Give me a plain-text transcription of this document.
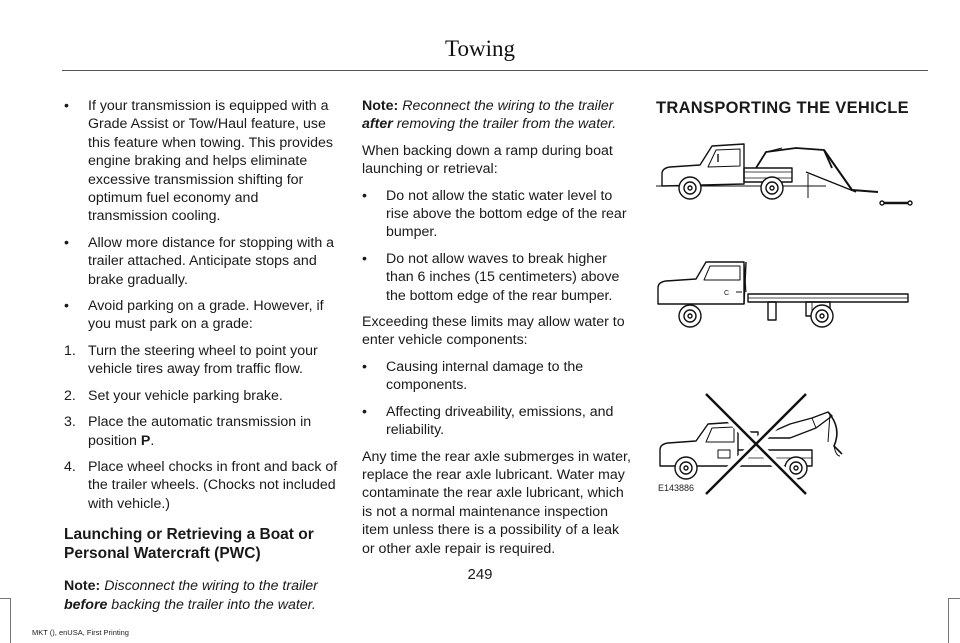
Towing
• If your transmission is equipped with a Grade Assist or Tow/Haul feature, use this feature when towing. This provides engine braking and helps eliminate excessive transmission shifting for optimum fuel economy and transmission cooling.
• Allow more distance for stopping with a trailer attached. Anticipate stops and brake gradually.
• Avoid parking on a grade. However, if you must park on a grade:
1. Turn the steering wheel to point your vehicle tires away from traffic flow.
2. Set your vehicle parking brake.
3. Place the automatic transmission in position P.
4. Place wheel chocks in front and back of the trailer wheels. (Chocks not included with vehicle.)
Launching or Retrieving a Boat or Personal Watercraft (PWC)
Note: Disconnect the wiring to the trailer before backing the trailer into the water.
Note: Reconnect the wiring to the trailer after removing the trailer from the water.
When backing down a ramp during boat launching or retrieval:
• Do not allow the static water level to rise above the bottom edge of the rear bumper.
• Do not allow waves to break higher than 6 inches (15 centimeters) above the bottom edge of the rear bumper.
Exceeding these limits may allow water to enter vehicle components:
• Causing internal damage to the components.
• Affecting driveability, emissions, and reliability.
Any time the rear axle submerges in water, replace the rear axle lubricant. Water may contaminate the rear axle lubricant, which is not a normal maintenance inspection item unless there is a possibility of a leak or other axle repair is required.
TRANSPORTING THE VEHICLE
C
E143886
249
MKT (), enUSA, First Printing
